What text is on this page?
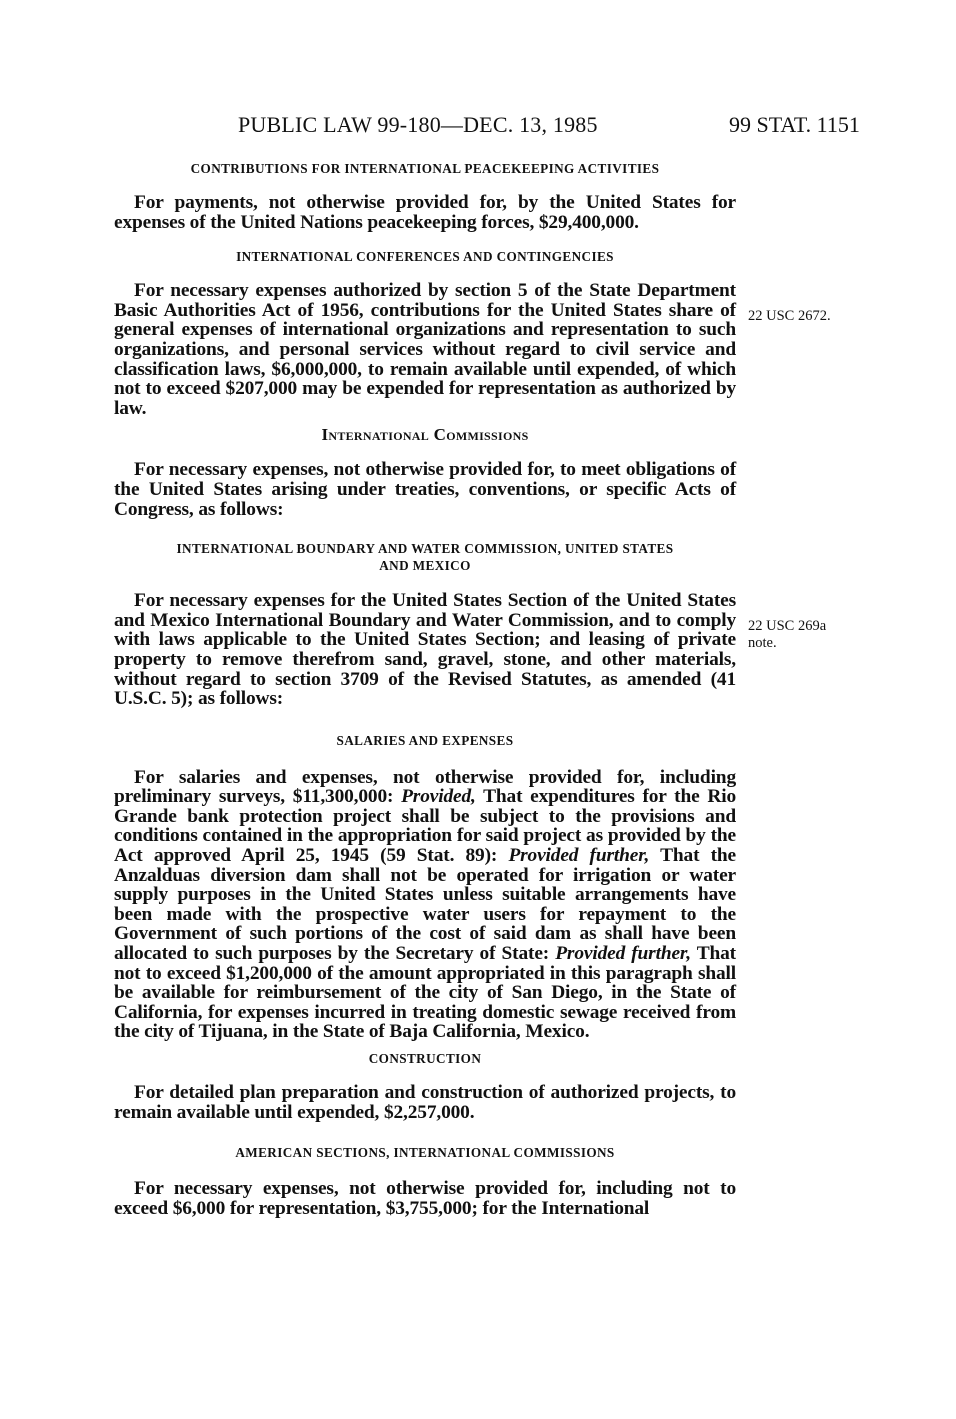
PUBLIC LAW 99-180—DEC. 13, 1985	99 STAT. 1151
22 USC 2672.
22 USC 269a
note.
CONTRIBUTIONS FOR INTERNATIONAL PEACEKEEPING ACTIVITIES

For payments, not otherwise provided for, by the United States for expenses of the United Nations peacekeeping forces, $29,400,000.

INTERNATIONAL CONFERENCES AND CONTINGENCIES

For necessary expenses authorized by section 5 of the State Department Basic Authorities Act of 1956, contributions for the United States share of general expenses of international organizations and representation to such organizations, and personal services without regard to civil service and classification laws, $6,000,000, to remain available until expended, of which not to exceed $207,000 may be expended for representation as authorized by law.

International Commissions

For necessary expenses, not otherwise provided for, to meet obligations of the United States arising under treaties, conventions, or specific Acts of Congress, as follows:

INTERNATIONAL BOUNDARY AND WATER COMMISSION, UNITED STATES
AND MEXICO

For necessary expenses for the United States Section of the United States and Mexico International Boundary and Water Commission, and to comply with laws applicable to the United States Section; and leasing of private property to remove therefrom sand, gravel, stone, and other materials, without regard to section 3709 of the Revised Statutes, as amended (41 U.S.C. 5); as follows:

SALARIES AND EXPENSES

For salaries and expenses, not otherwise provided for, including preliminary surveys, $11,300,000: Provided, That expenditures for the Rio Grande bank protection project shall be subject to the provisions and conditions contained in the appropriation for said project as provided by the Act approved April 25, 1945 (59 Stat. 89): Provided further, That the Anzalduas diversion dam shall not be operated for irrigation or water supply purposes in the United States unless suitable arrangements have been made with the prospective water users for repayment to the Government of such portions of the cost of said dam as shall have been allocated to such purposes by the Secretary of State: Provided further, That not to exceed $1,200,000 of the amount appropriated in this paragraph shall be available for reimbursement of the city of San Diego, in the State of California, for expenses incurred in treating domestic sewage received from the city of Tijuana, in the State of Baja California, Mexico.

CONSTRUCTION

For detailed plan preparation and construction of authorized projects, to remain available until expended, $2,257,000.

AMERICAN SECTIONS, INTERNATIONAL COMMISSIONS

For necessary expenses, not otherwise provided for, including not to exceed $6,000 for representation, $3,755,000; for the International
